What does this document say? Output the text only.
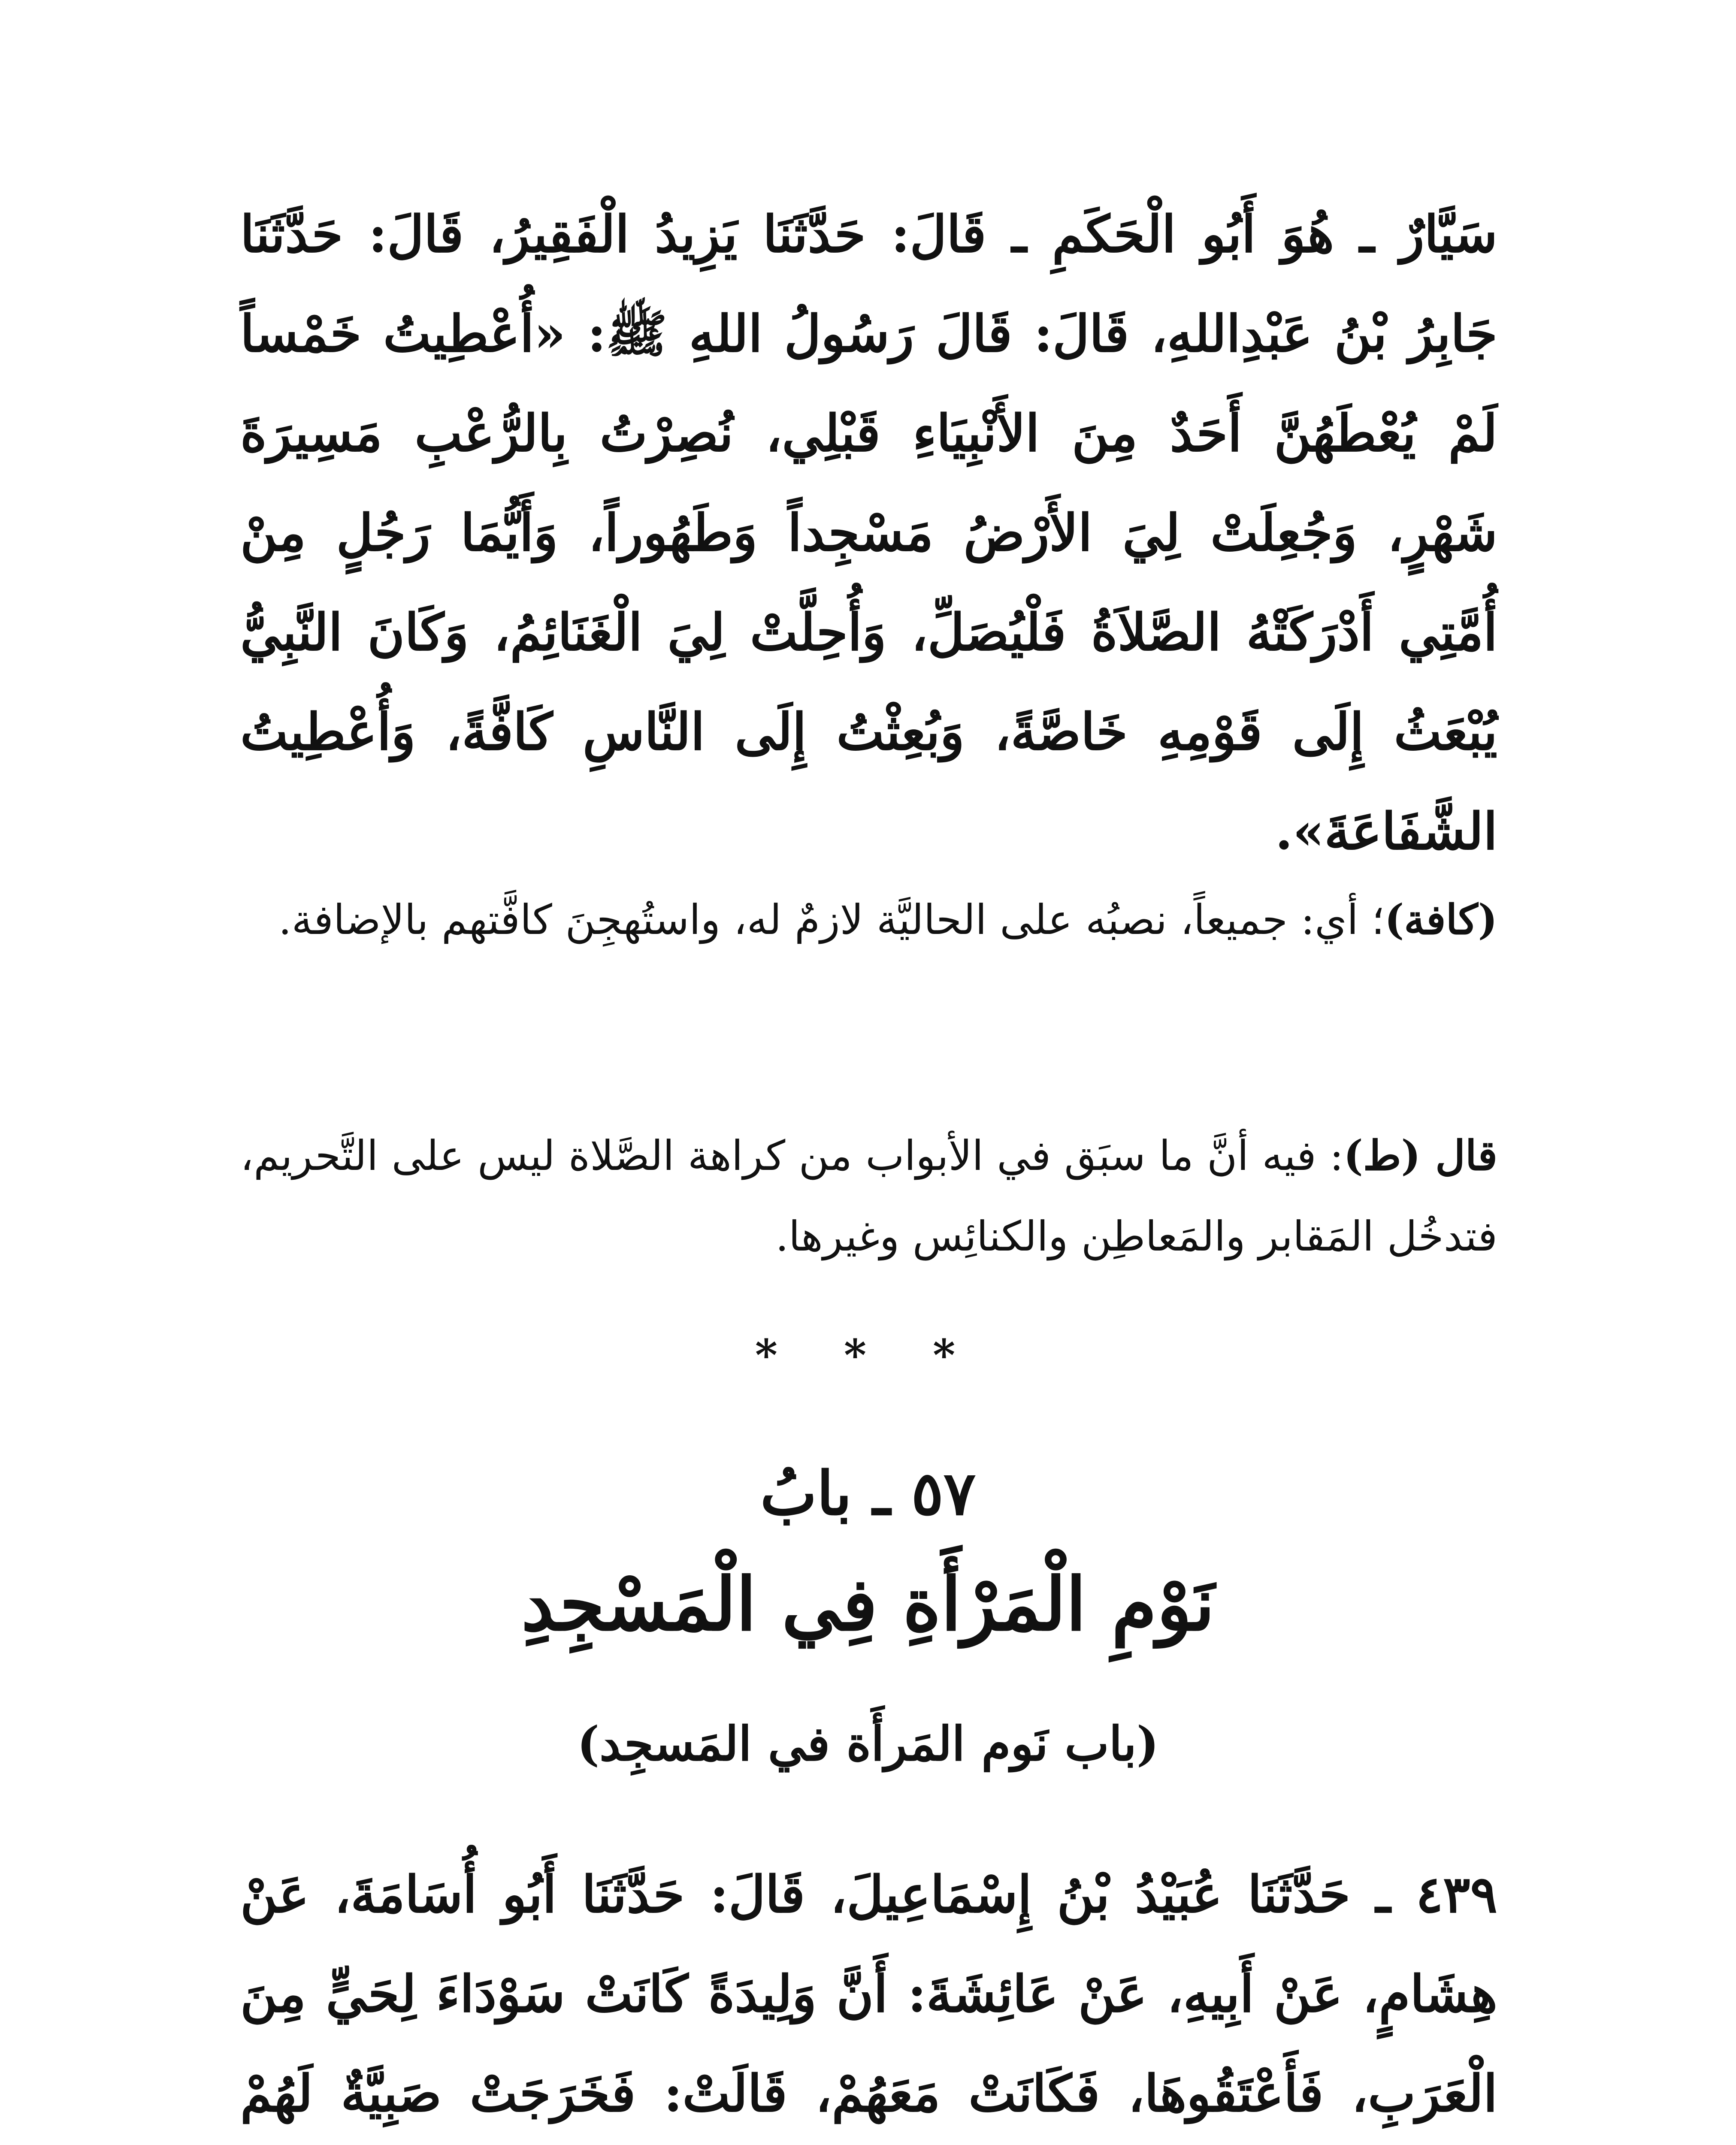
سَيَّارٌ ـ هُوَ أَبُو الْحَكَمِ ـ قَالَ: حَدَّثَنَا يَزِيدُ الْفَقِيرُ، قَالَ: حَدَّثَنَا جَابِرُ بْنُ عَبْدِاللهِ، قَالَ: قَالَ رَسُولُ اللهِ ﷺ: «أُعْطِيتُ خَمْساً لَمْ يُعْطَهُنَّ أَحَدٌ مِنَ الأَنْبِيَاءِ قَبْلِي، نُصِرْتُ بِالرُّعْبِ مَسِيرَةَ شَهْرٍ، وَجُعِلَتْ لِيَ الأَرْضُ مَسْجِداً وَطَهُوراً، وَأَيُّمَا رَجُلٍ مِنْ أُمَّتِي أَدْرَكَتْهُ الصَّلاَةُ فَلْيُصَلِّ، وَأُحِلَّتْ لِيَ الْغَنَائِمُ، وَكَانَ النَّبِيُّ يُبْعَثُ إِلَى قَوْمِهِ خَاصَّةً، وَبُعِثْتُ إِلَى النَّاسِ كَافَّةً، وَأُعْطِيتُ الشَّفَاعَةَ».

(كافة)؛ أي: جميعاً، نصبُه على الحاليَّة لازمٌ له، واستُهجِنَ كافَّتهم بالإضافة.

قال (ط): فيه أنَّ ما سبَق في الأبواب من كراهة الصَّلاة ليس على التَّحريم، فتدخُل المَقابر والمَعاطِن والكنائِس وغيرها.

* * *
٥٧ ـ بابُ
نَوْمِ الْمَرْأَةِ فِي الْمَسْجِدِ
(باب نَوم المَرأَة في المَسجِد)

٤٣٩ ـ حَدَّثَنَا عُبَيْدُ بْنُ إِسْمَاعِيلَ، قَالَ: حَدَّثَنَا أَبُو أُسَامَةَ، عَنْ هِشَامٍ، عَنْ أَبِيهِ، عَنْ عَائِشَةَ: أَنَّ وَلِيدَةً كَانَتْ سَوْدَاءَ لِحَيٍّ مِنَ الْعَرَبِ، فَأَعْتَقُوهَا، فَكَانَتْ مَعَهُمْ، قَالَتْ: فَخَرَجَتْ صَبِيَّةٌ لَهُمْ
